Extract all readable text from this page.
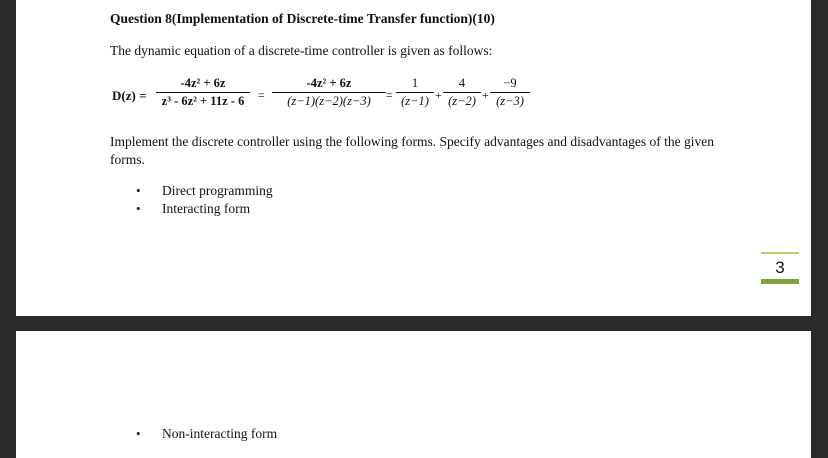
Question 8(Implementation of Discrete-time Transfer function)(10)
The dynamic equation of a discrete-time controller is given as follows:
D(z) =
-4z² + 6z
z³ - 6z² + 11z - 6	=
-4z² + 6z
(z−1)(z−2)(z−3)	=
1
(z−1) +
4
(z−2) +
−9
(z−3)
Implement the discrete controller using the following forms. Specify advantages and disadvantages of the given forms.
• Direct programming
• Interacting form
3
• Non-interacting form
